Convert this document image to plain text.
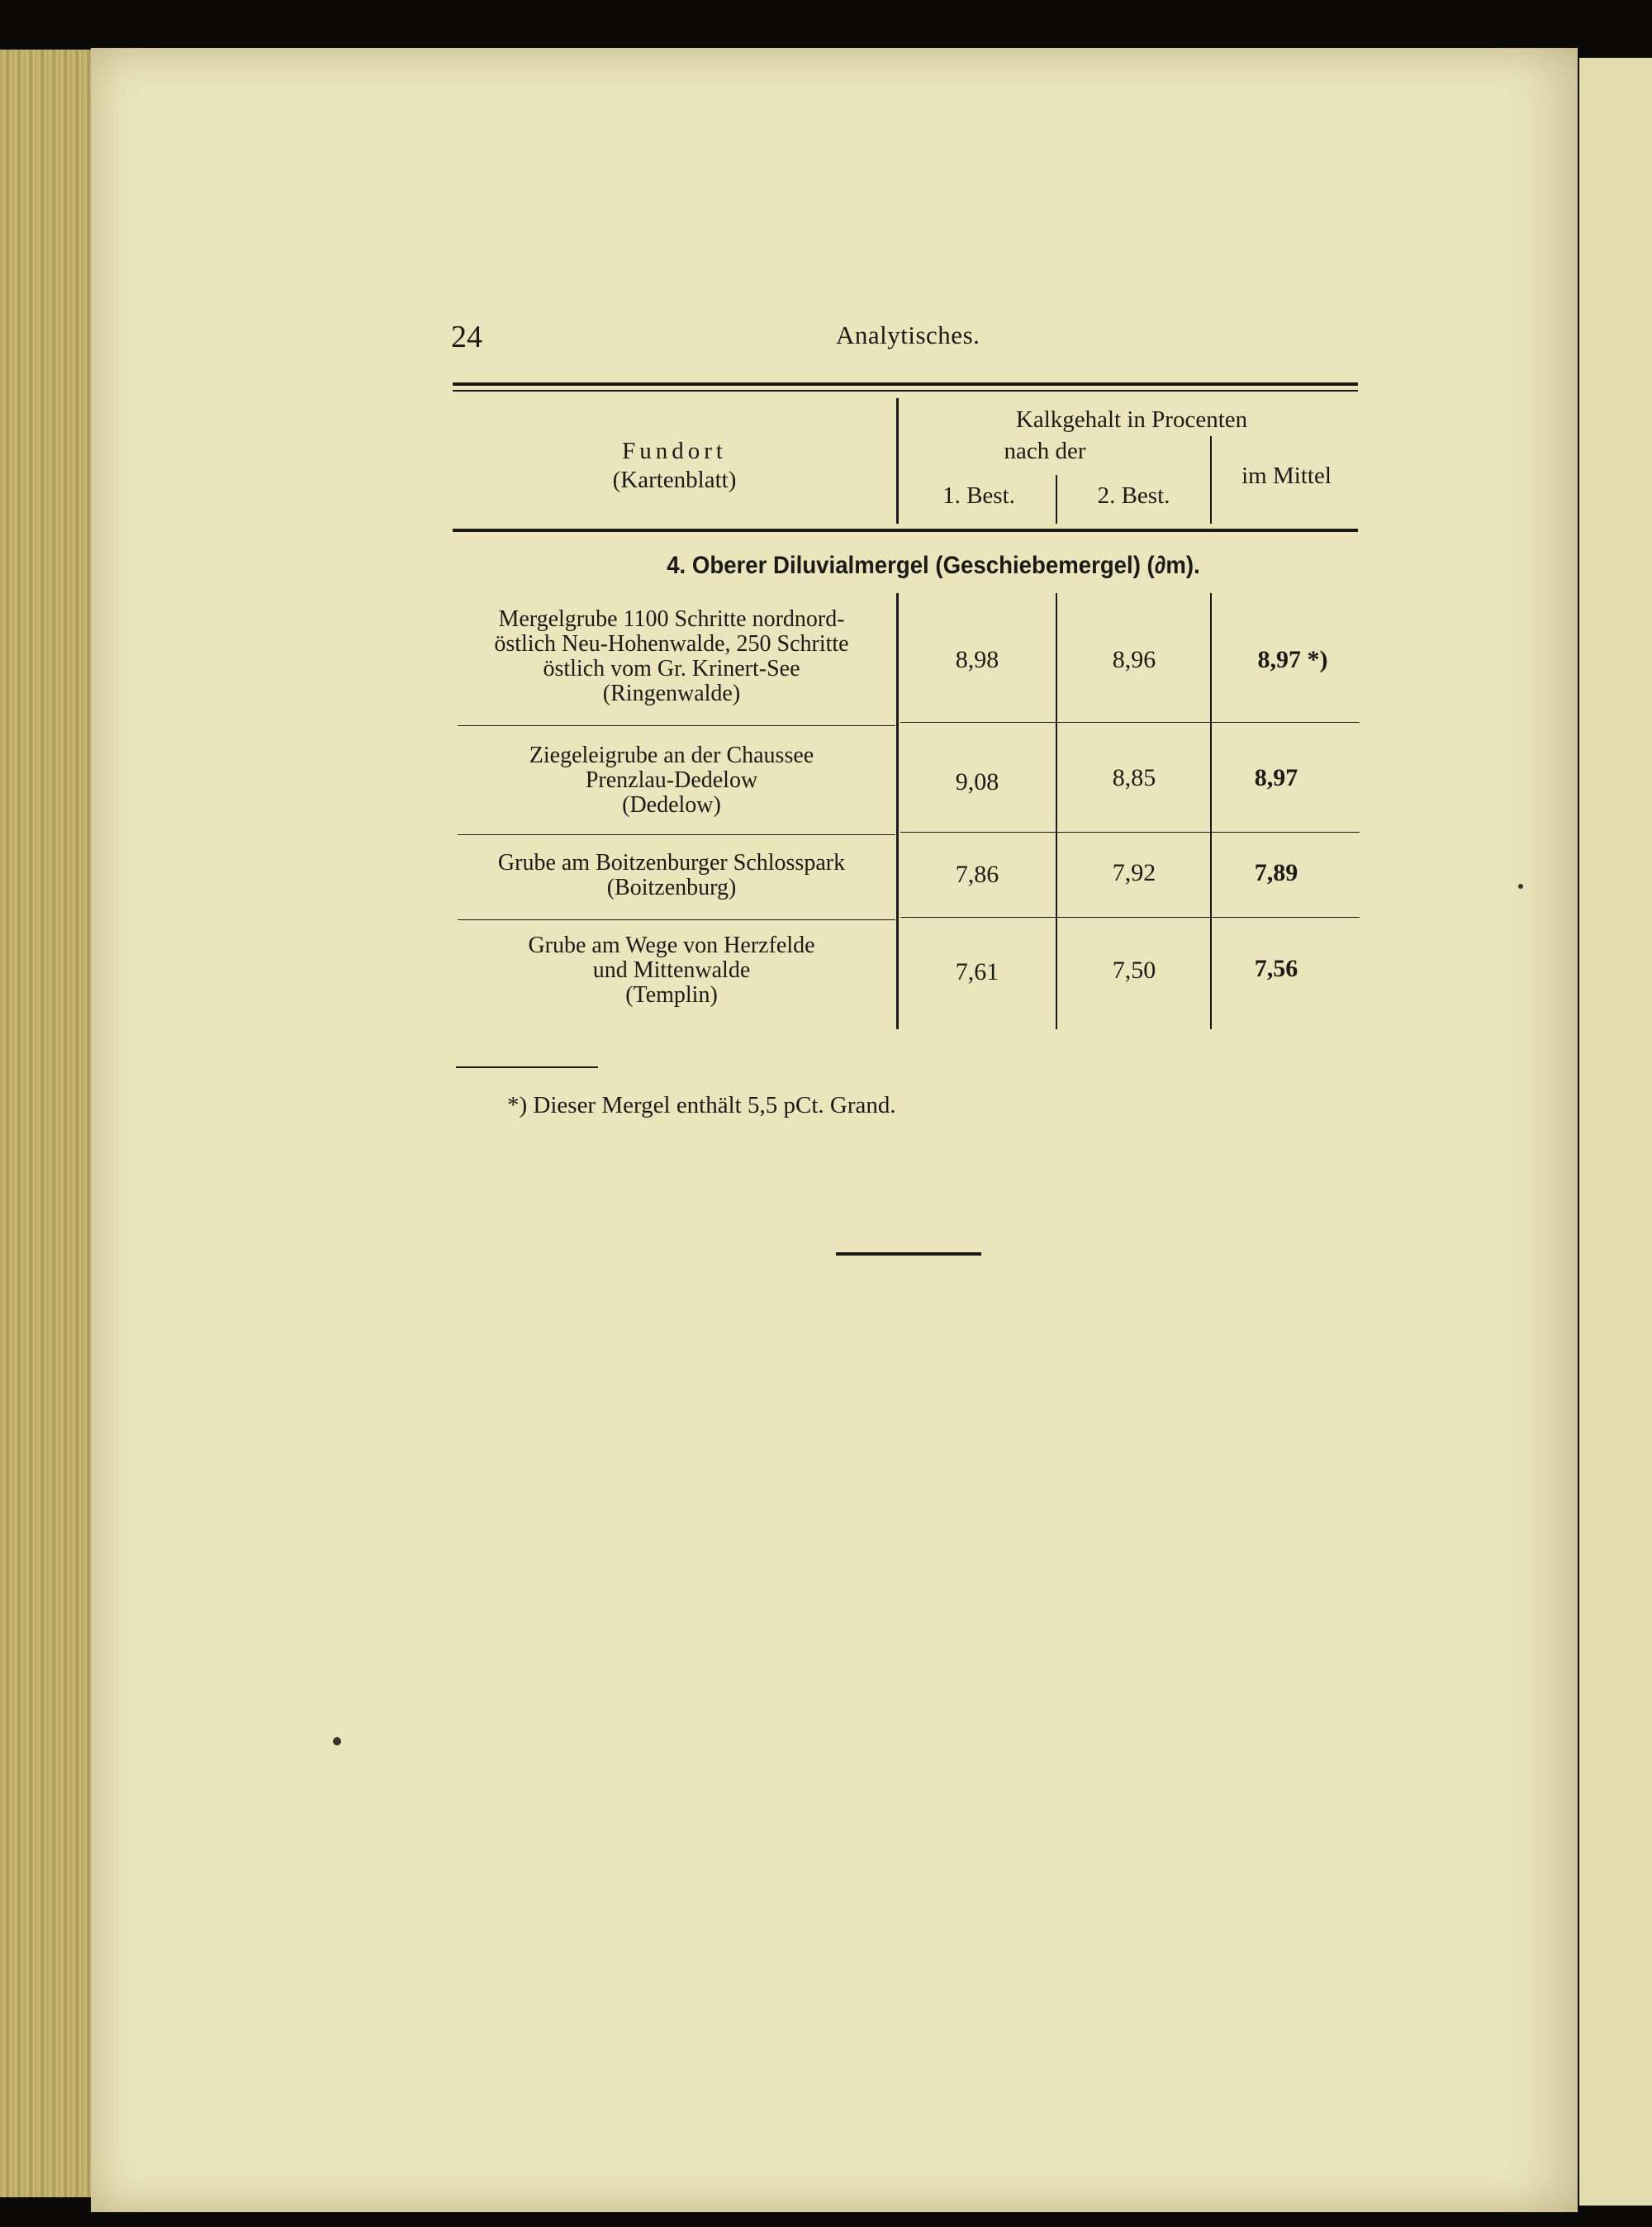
24	Analytisches.
Fundort
(Kartenblatt)
Kalkgehalt in Procenten
nach der
1. Best.	2. Best.
im Mittel
4. Oberer Diluvialmergel (Geschiebemergel) (∂m).
Mergelgrube 1100 Schritte nordnord-
östlich Neu-Hohenwalde, 250 Schritte
östlich vom Gr. Krinert-See
(Ringenwalde)
8,98	8,96	8,97 *)
Ziegeleigrube an der Chaussee
Prenzlau-Dedelow
(Dedelow)
9,08	8,85	8,97
Grube am Boitzenburger Schlosspark
(Boitzenburg)	7,86	7,92	7,89
Grube am Wege von Herzfelde
und Mittenwalde
(Templin)
7,61	7,50	7,56
*) Dieser Mergel enthält 5,5 pCt. Grand.
